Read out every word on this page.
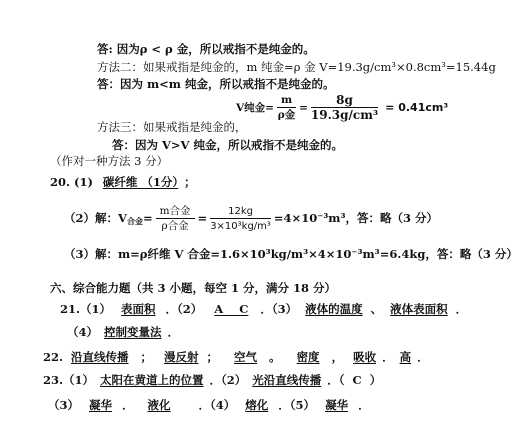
答: 因为ρ < ρ 金，所以戒指不是纯金的。
方法二：如果戒指是纯金的，m 纯金=ρ 金 V=19.3g/cm³×0.8cm³=15.44g
答：因为 m<m 纯金，所以戒指不是纯金的。
V纯金= $\frac{m}{\text{ρ金}} = \frac{8g}{\text{19.3g/cm³}} = 0.41cm^3$
方法三：如果戒指是纯金的，
答：因为 V>V 纯金，所以戒指不是纯金的。
（作对一种方法 3 分）
20. (1) 碳纤维 （1分） ；
（2）解：$V_{合金}= \frac{\text{m合金}}{\text{ρ合金}} = \frac{12kg}{\text{3×10³kg/m³}} =4\times 10^{-3}m^3$，答：略（3 分）
（3）解：m=ρ纤维 V 合金=1.6×10³kg/m³×4×10⁻³m³=6.4kg，答：略（3 分）
六、综合能力题（共 3 小题，每空 1 分，满分 18 分）
21.（1） 表面积 ．（2） A    C ．（3） 液体的温度 、 液体表面积 ．
（4） 控制变量法 ．
22. 沿直线传播 ； 漫反射 ； 空气 。 密度 ， 吸收 ． 高 ．
23.（1） 太阳在黄道上的位置 ．（2） 光沿直线传播 ．（  C  ）
（3） 凝华 ． 液化 ．（4） 熔化 ．（5） 凝华 ．
